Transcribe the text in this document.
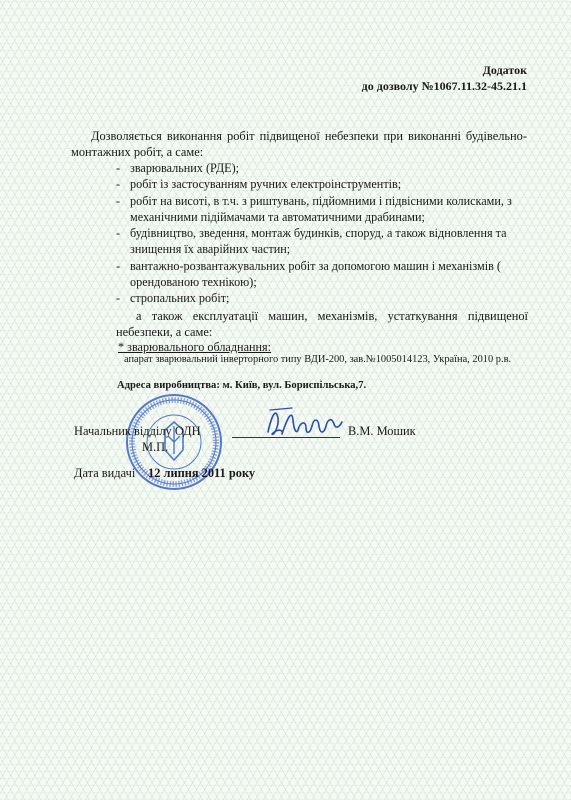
Додаток
до дозволу №1067.11.32-45.21.1
Дозволяється виконання робіт підвищеної небезпеки при виконанні будівельно-монтажних робіт, а саме:
- зварювальних (РДЕ);
- робіт із застосуванням ручних електроінструментів;
- робіт на висоті, в т.ч. з риштувань, підйомними і підвісними колисками, з механічними підіймачами та автоматичними драбинами;
- будівництво, зведення, монтаж будинків, споруд, а також відновлення та знищення їх аварійних частин;
- вантажно-розвантажувальних робіт за допомогою машин і механізмів ( орендованою технікою);
- стропальних робіт;
а також експлуатації машин, механізмів, устаткування підвищеної небезпеки, а саме:
* зварювального обладнання:
апарат зварювальний інверторного типу ВДИ-200, зав.№1005014123, Україна, 2010 р.в.
Адреса виробництва: м. Київ, вул. Бориспільська,7.
Начальник відділу ОДН
М.П.
В.М. Мошик
Дата видачі 12 липня 2011 року
